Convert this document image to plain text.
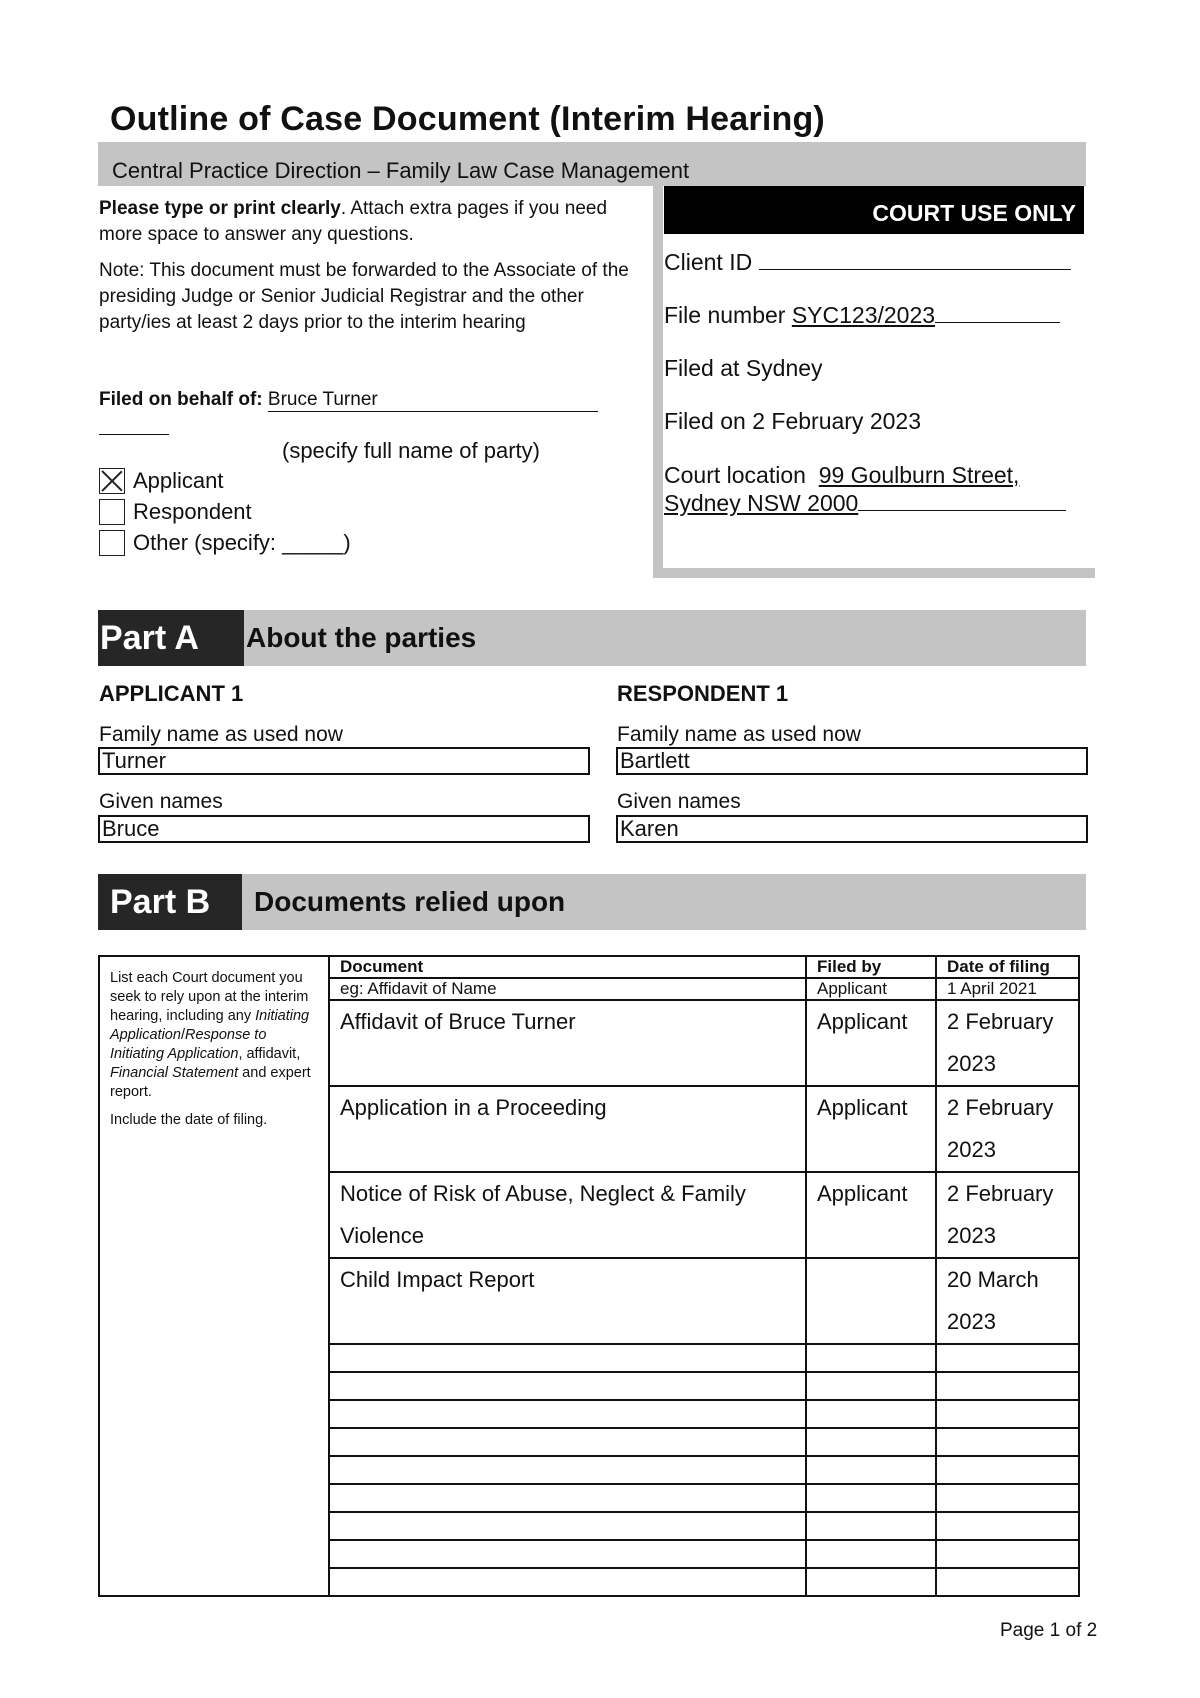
Outline of Case Document (Interim Hearing)
Central Practice Direction – Family Law Case Management
Please type or print clearly. Attach extra pages if you need more space to answer any questions.
Note: This document must be forwarded to the Associate of the presiding Judge or Senior Judicial Registrar and the other party/ies at least 2 days prior to the interim hearing
Filed on behalf of: Bruce Turner
(specify full name of party)
Applicant
Respondent
Other (specify: _____)
COURT USE ONLY
Client ID
File number SYC123/2023
Filed at Sydney
Filed on 2 February 2023
Court location 99 Goulburn Street,
Sydney NSW 2000
Part A	About the parties
APPLICANT 1	RESPONDENT 1
Family name as used now
Turner
Given names
Bruce
Family name as used now
Bartlett
Given names
Karen
Part B	Documents relied upon
List each Court document you seek to rely upon at the interim hearing, including any Initiating Application/Response to Initiating Application, affidavit, Financial Statement and expert report.
Include the date of filing.	Document	Filed by	Date of filing
	eg: Affidavit of Name	Applicant	1 April 2021
	Affidavit of Bruce Turner	Applicant	2 February 2023
	Application in a Proceeding	Applicant	2 February 2023
	Notice of Risk of Abuse, Neglect & Family Violence	Applicant	2 February 2023
	Child Impact Report		20 March 2023

Page 1 of 2
